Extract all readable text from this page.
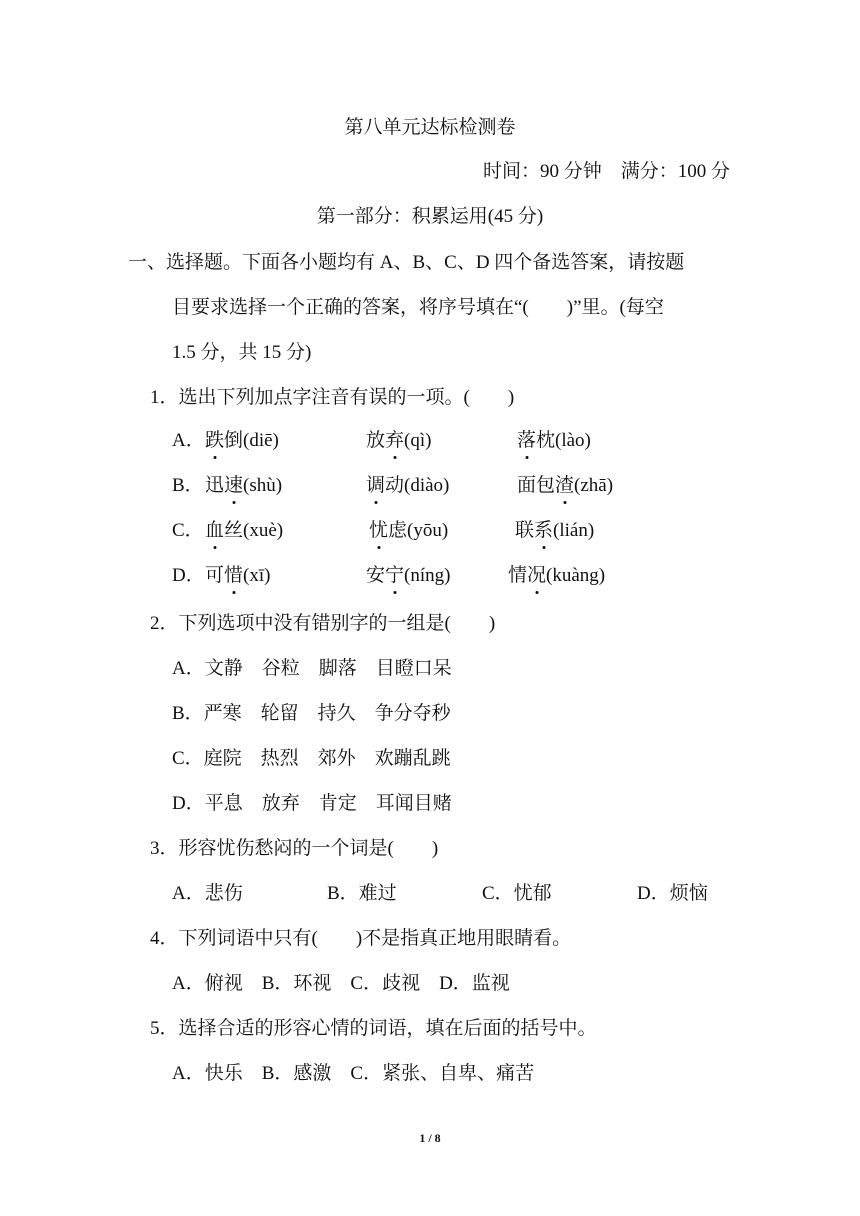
第八单元达标检测卷
时间：90 分钟　满分：100 分
第一部分：积累运用(45 分)
一、选择题。下面各小题均有 A、B、C、D 四个备选答案，请按题
目要求选择一个正确的答案，将序号填在“(　　)”里。(每空
1.5 分，共 15 分)
1．选出下列加点字注音有误的一项。(　　)
A． 跌倒(diē)	放弃(qì)	落枕(lào)
B． 迅速(shù)	调动(diào)	面包渣(zhā)
C． 血丝(xuè)	忧虑(yōu)	联系(lián)
D． 可惜(xī)	安宁(níng)	情况(kuàng)
2．下列选项中没有错别字的一组是(　　)
A．文静　谷粒　脚落　目瞪口呆
B．严寒　轮留　持久　争分夺秒
C．庭院　热烈　郊外　欢蹦乱跳
D．平息　放弃　肯定　耳闻目赌
3．形容忧伤愁闷的一个词是(　　)
A．悲伤	B．难过	C．忧郁	D．烦恼
4．下列词语中只有(　　)不是指真正地用眼睛看。
A．俯视　B．环视　C．歧视　D．监视
5．选择合适的形容心情的词语，填在后面的括号中。
A．快乐　B．感激　C．紧张、自卑、痛苦
1 / 8
